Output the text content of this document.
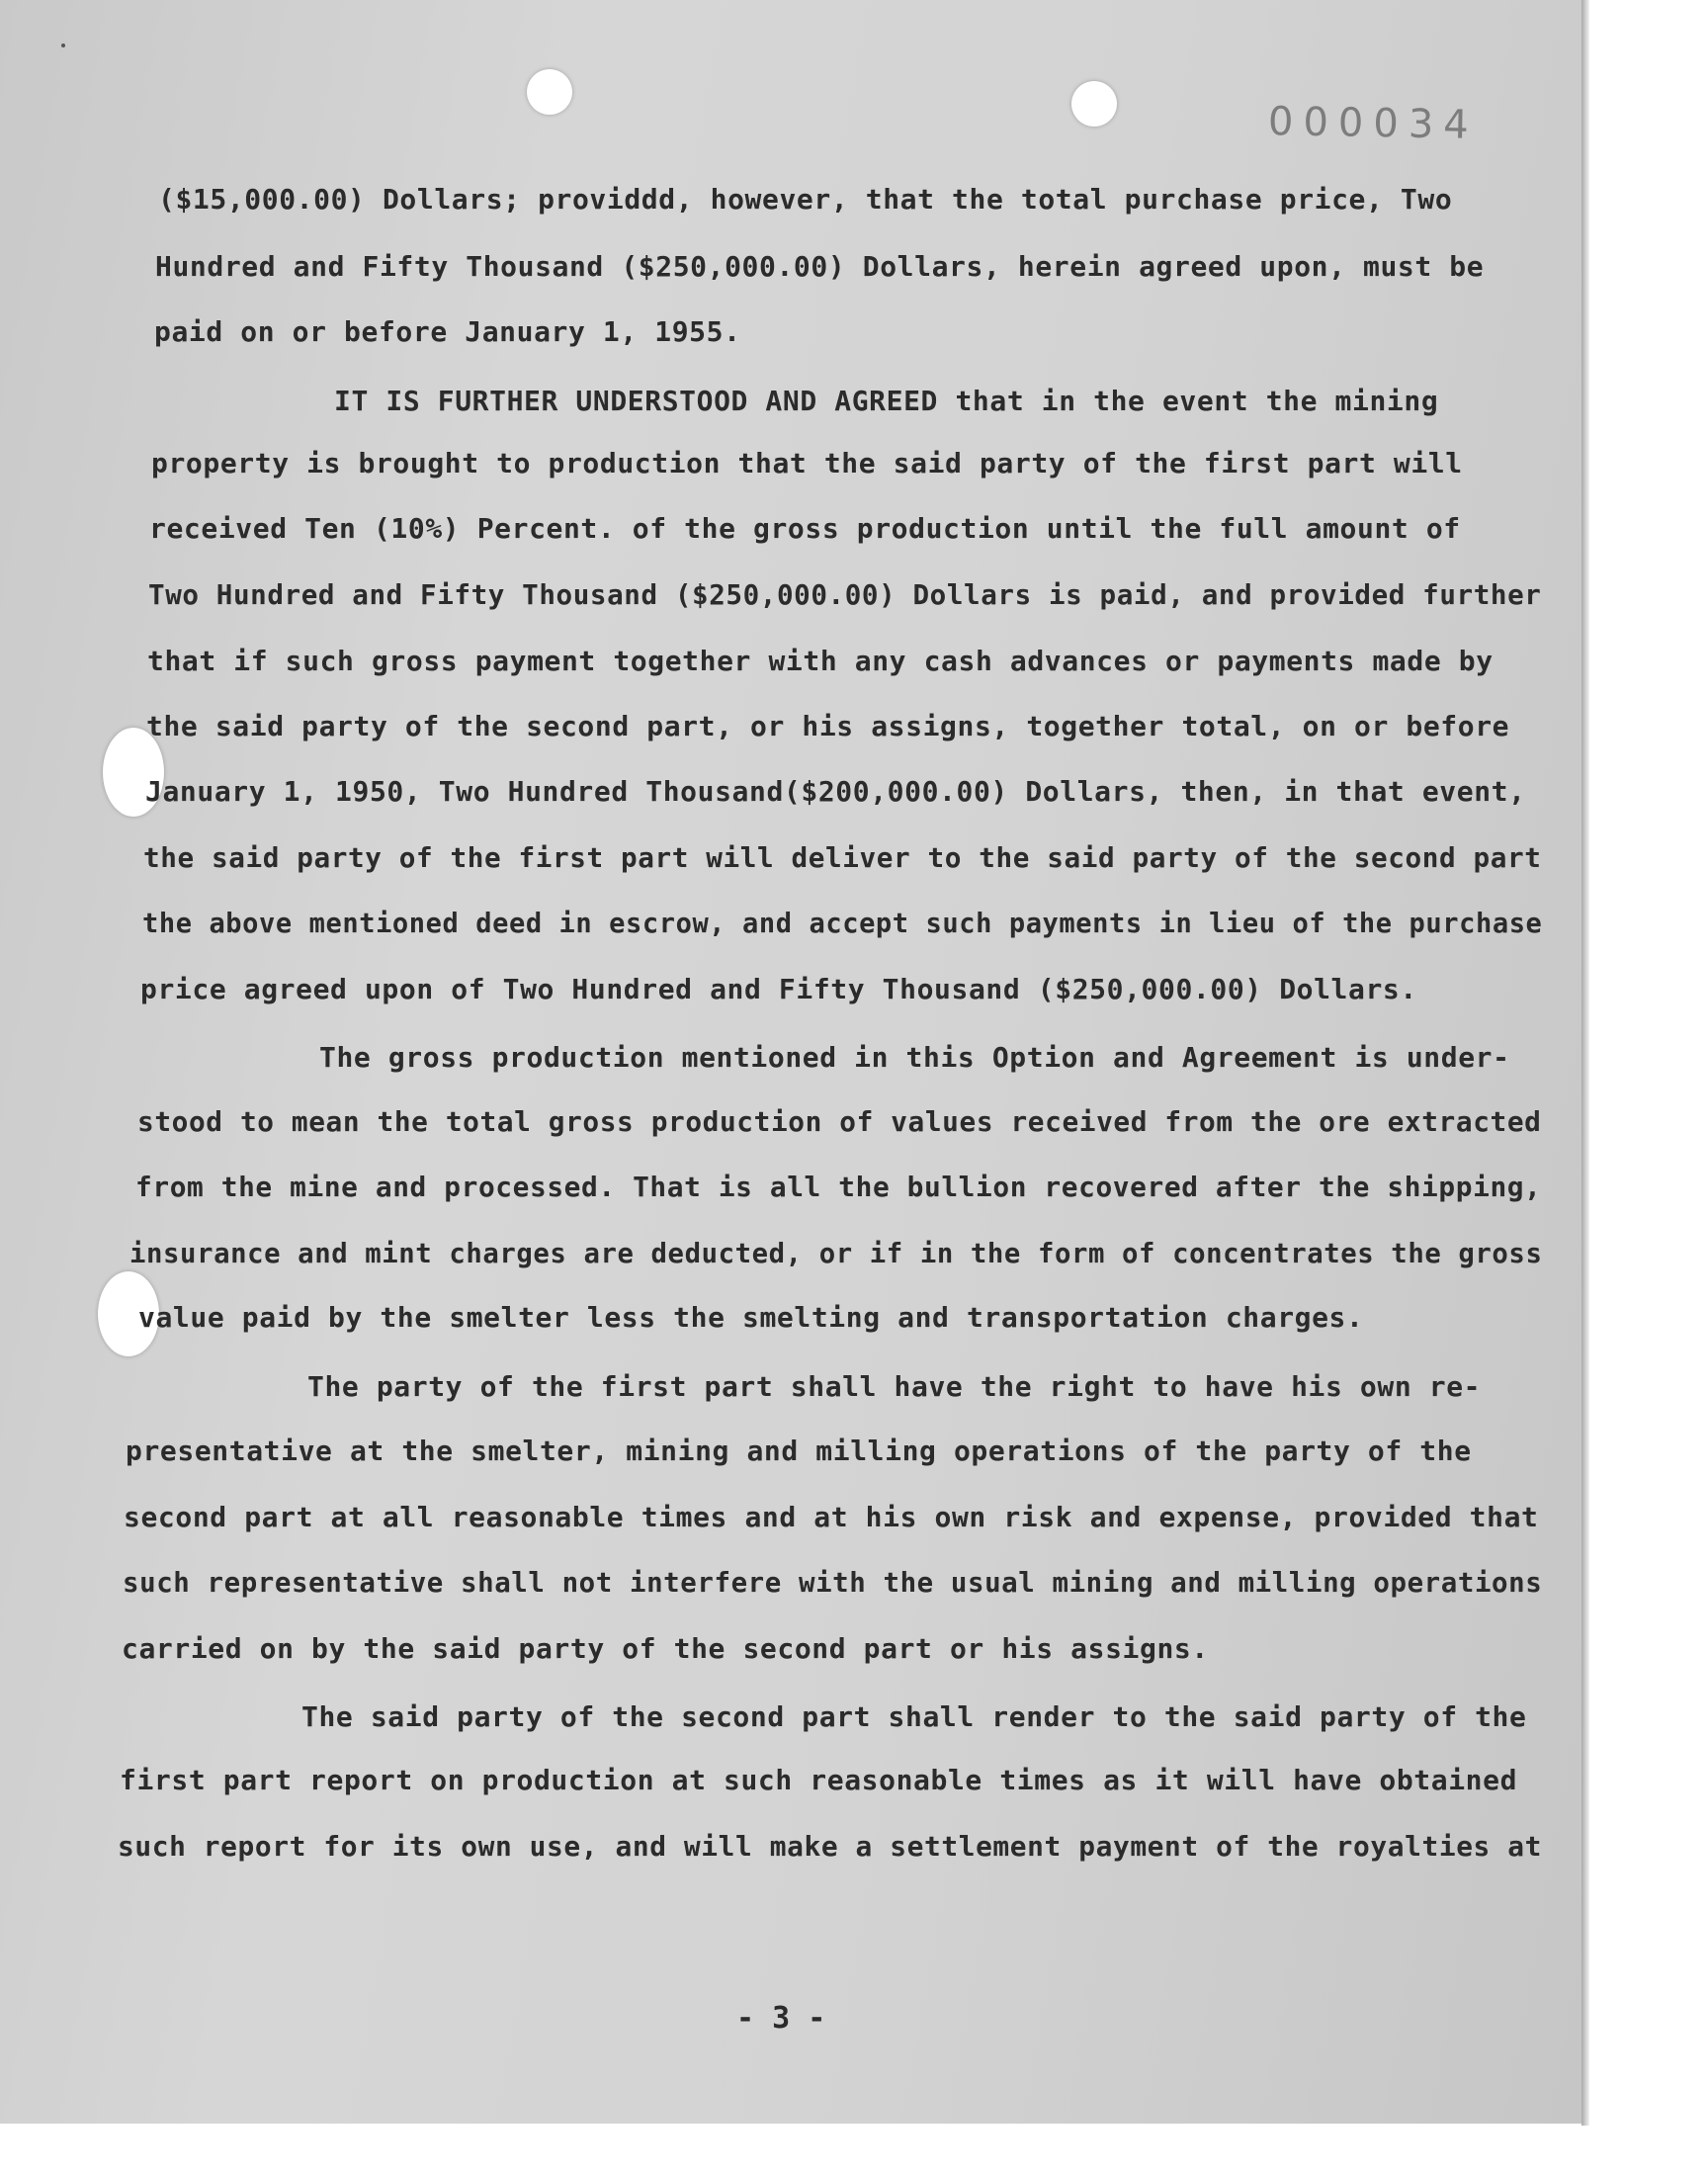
000034
($15,000.00) Dollars; providdd, however, that the total purchase price, Two
Hundred and Fifty Thousand ($250,000.00) Dollars, herein agreed upon, must be
paid on or before January 1, 1955.
IT IS FURTHER UNDERSTOOD AND AGREED that in the event the mining
property is brought to production that the said party of the first part will
received Ten (10%) Percent. of the gross production until the full amount of
Two Hundred and Fifty Thousand ($250,000.00) Dollars is paid, and provided further
that if such gross payment together with any cash advances or payments made by
the said party of the second part, or his assigns, together total, on or before
January 1, 1950, Two Hundred Thousand($200,000.00) Dollars, then, in that event,
the said party of the first part will deliver to the said party of the second part
the above mentioned deed in escrow, and accept such payments in lieu of the purchase
price agreed upon of Two Hundred and Fifty Thousand ($250,000.00) Dollars.
The gross production mentioned in this Option and Agreement is under-
stood to mean the total gross production of values received from the ore extracted
from the mine and processed. That is all the bullion recovered after the shipping,
insurance and mint charges are deducted, or if in the form of concentrates the gross
value paid by the smelter less the smelting and transportation charges.
The party of the first part shall have the right to have his own re-
presentative at the smelter, mining and milling operations of the party of the
second part at all reasonable times and at his own risk and expense, provided that
such representative shall not interfere with the usual mining and milling operations
carried on by the said party of the second part or his assigns.
The said party of the second part shall render to the said party of the
first part report on production at such reasonable times as it will have obtained
such report for its own use, and will make a settlement payment of the royalties at
- 3 -
